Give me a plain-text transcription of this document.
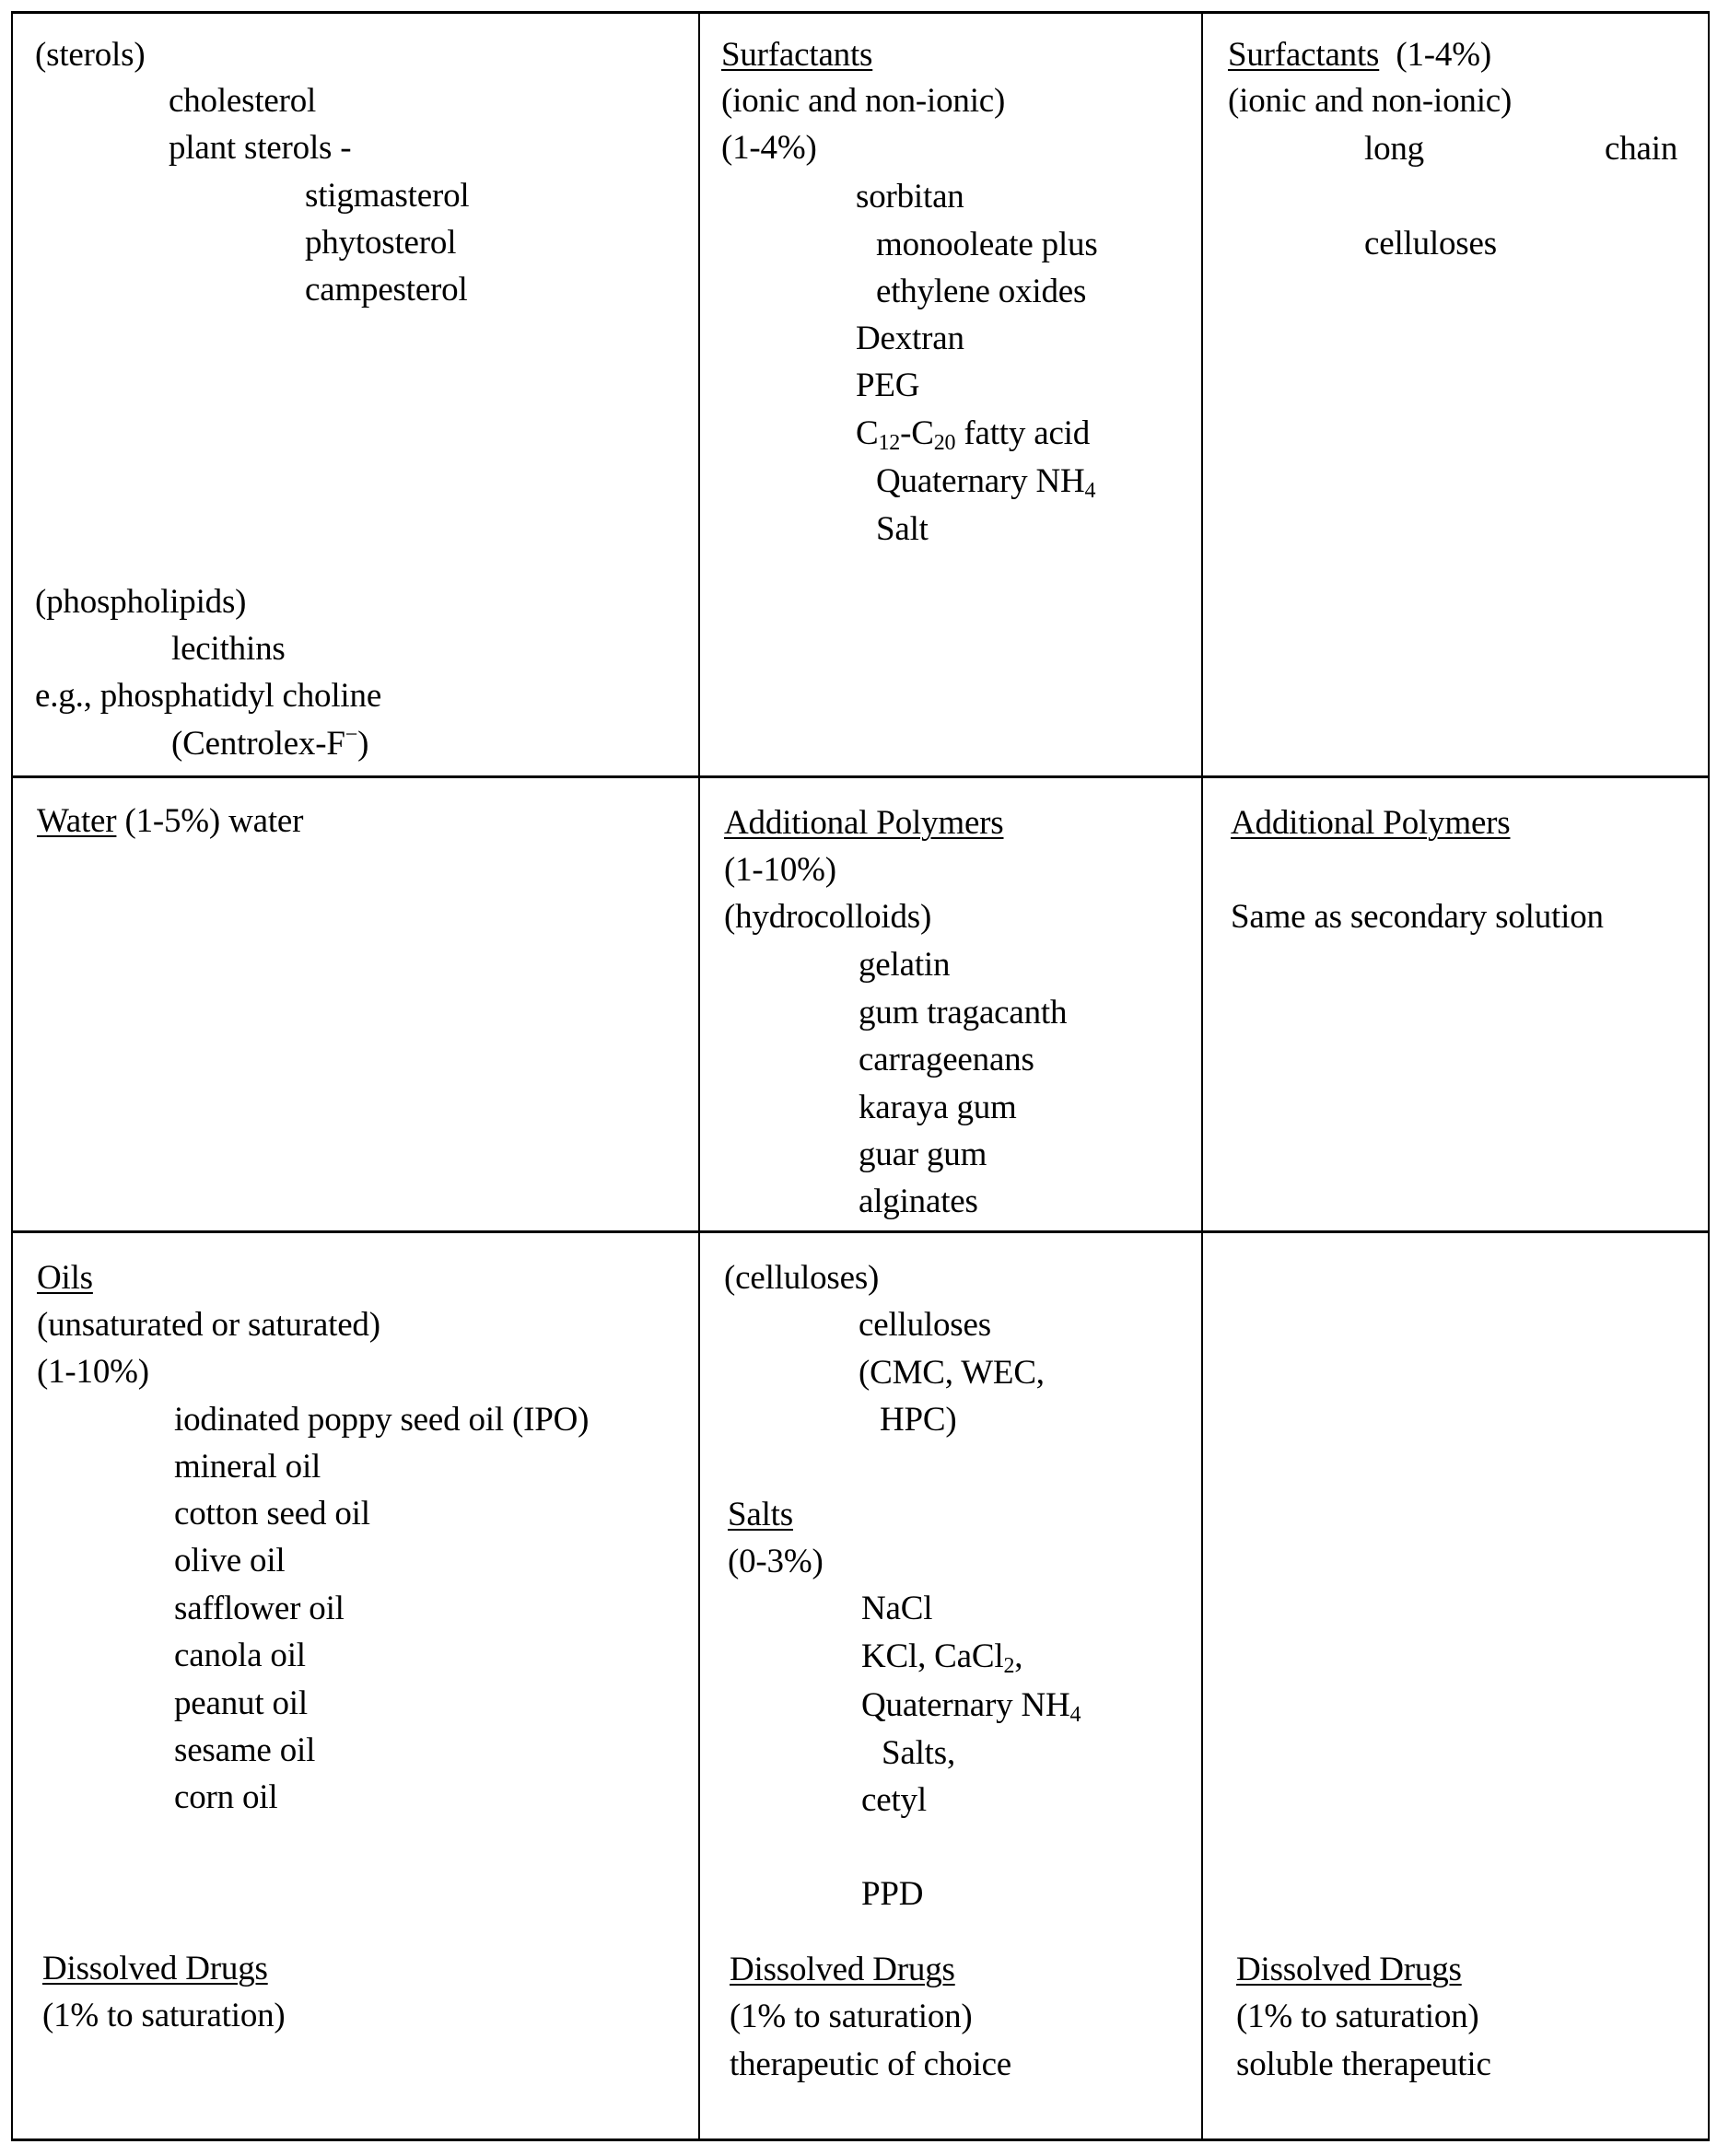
(sterols)
cholesterol
plant sterols -
stigmasterol
phytosterol
campesterol
(phospholipids)
lecithins
e.g., phosphatidyl choline
(Centrolex-F−)
Surfactants
(ionic and non-ionic)
(1-4%)
sorbitan
monooleate plus
ethylene oxides
Dextran
PEG
$C_{12}-C_{20}$ fatty acid
Quaternary $NH_4$
Salt
Surfactants (1-4%)
(ionic and non-ionic)
long	chain
celluloses
Water (1-5%) water	Additional Polymers
(1-10%)
(hydrocolloids)
gelatin
gum tragacanth
carrageenans
karaya gum
guar gum
alginates
Additional Polymers
Same as secondary solution
Oils
(unsaturated or saturated)
(1-10%)
iodinated poppy seed oil (IPO)
mineral oil
cotton seed oil
olive oil
safflower oil
canola oil
peanut oil
sesame oil
corn oil
Dissolved Drugs
(1% to saturation)
(celluloses)
celluloses
(CMC, WEC,
HPC)
Salts
(0-3%)
NaCl
KCl, CaCl$_2$,
Quaternary $NH_4$
Salts,
cetyl
PPD
Dissolved Drugs
(1% to saturation)
therapeutic of choice
Dissolved Drugs
(1% to saturation)
soluble therapeutic
